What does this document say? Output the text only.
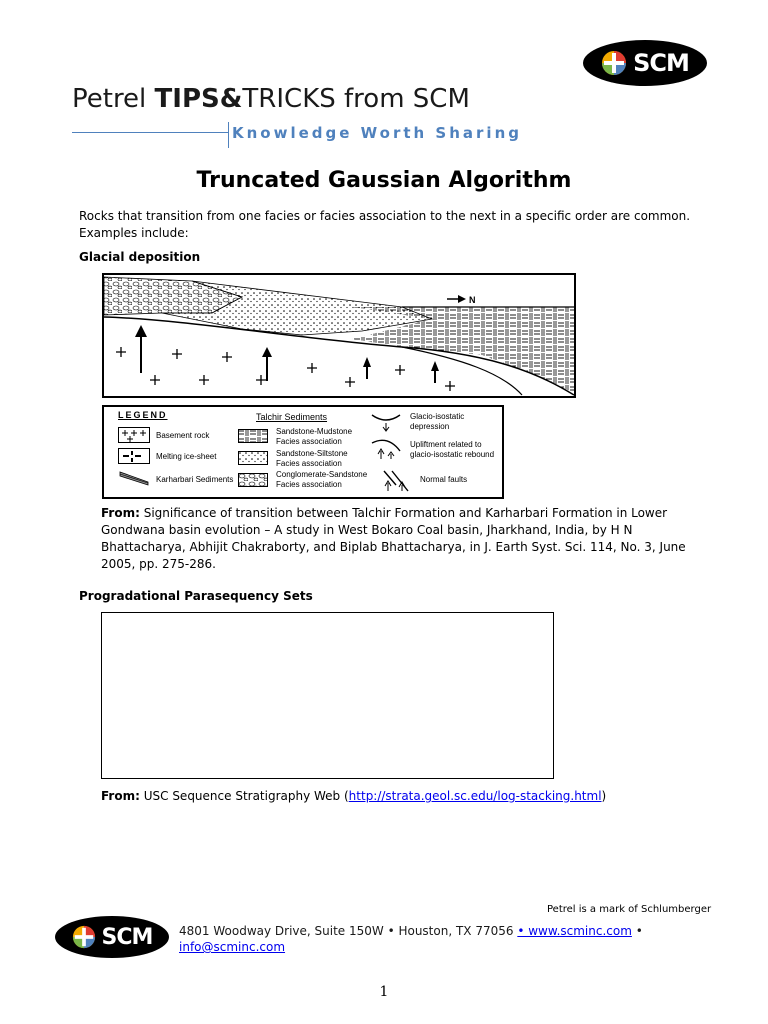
SCM
Petrel TIPS&TRICKS from SCM
Knowledge Worth Sharing
Truncated Gaussian Algorithm
Rocks that transition from one facies or facies association to the next in a specific order are common. Examples include:
Glacial deposition
N
LEGEND
Basement rock
Melting ice-sheet
Karharbari Sediments
Talchir Sediments
Sandstone-Mudstone
Facies association
Sandstone-Siltstone
Facies association
Conglomerate-Sandstone
Facies association
Glacio-isostatic
depression
Upliftment related to
glacio-isostatic rebound
Normal faults
From: Significance of transition between Talchir Formation and Karharbari Formation in Lower Gondwana basin evolution – A study in West Bokaro Coal basin, Jharkhand, India, by H N Bhattacharya, Abhijit Chakraborty, and Biplab Bhattacharya, in J. Earth Syst. Sci. 114, No. 3, June 2005, pp. 275-286.
Progradational Parasequency Sets
From: USC Sequence Stratigraphy Web (http://strata.geol.sc.edu/log-stacking.html)
Petrel is a mark of Schlumberger
SCM 4801 Woodway Drive, Suite 150W • Houston, TX 77056 • www.scminc.com •
info@scminc.com
1
